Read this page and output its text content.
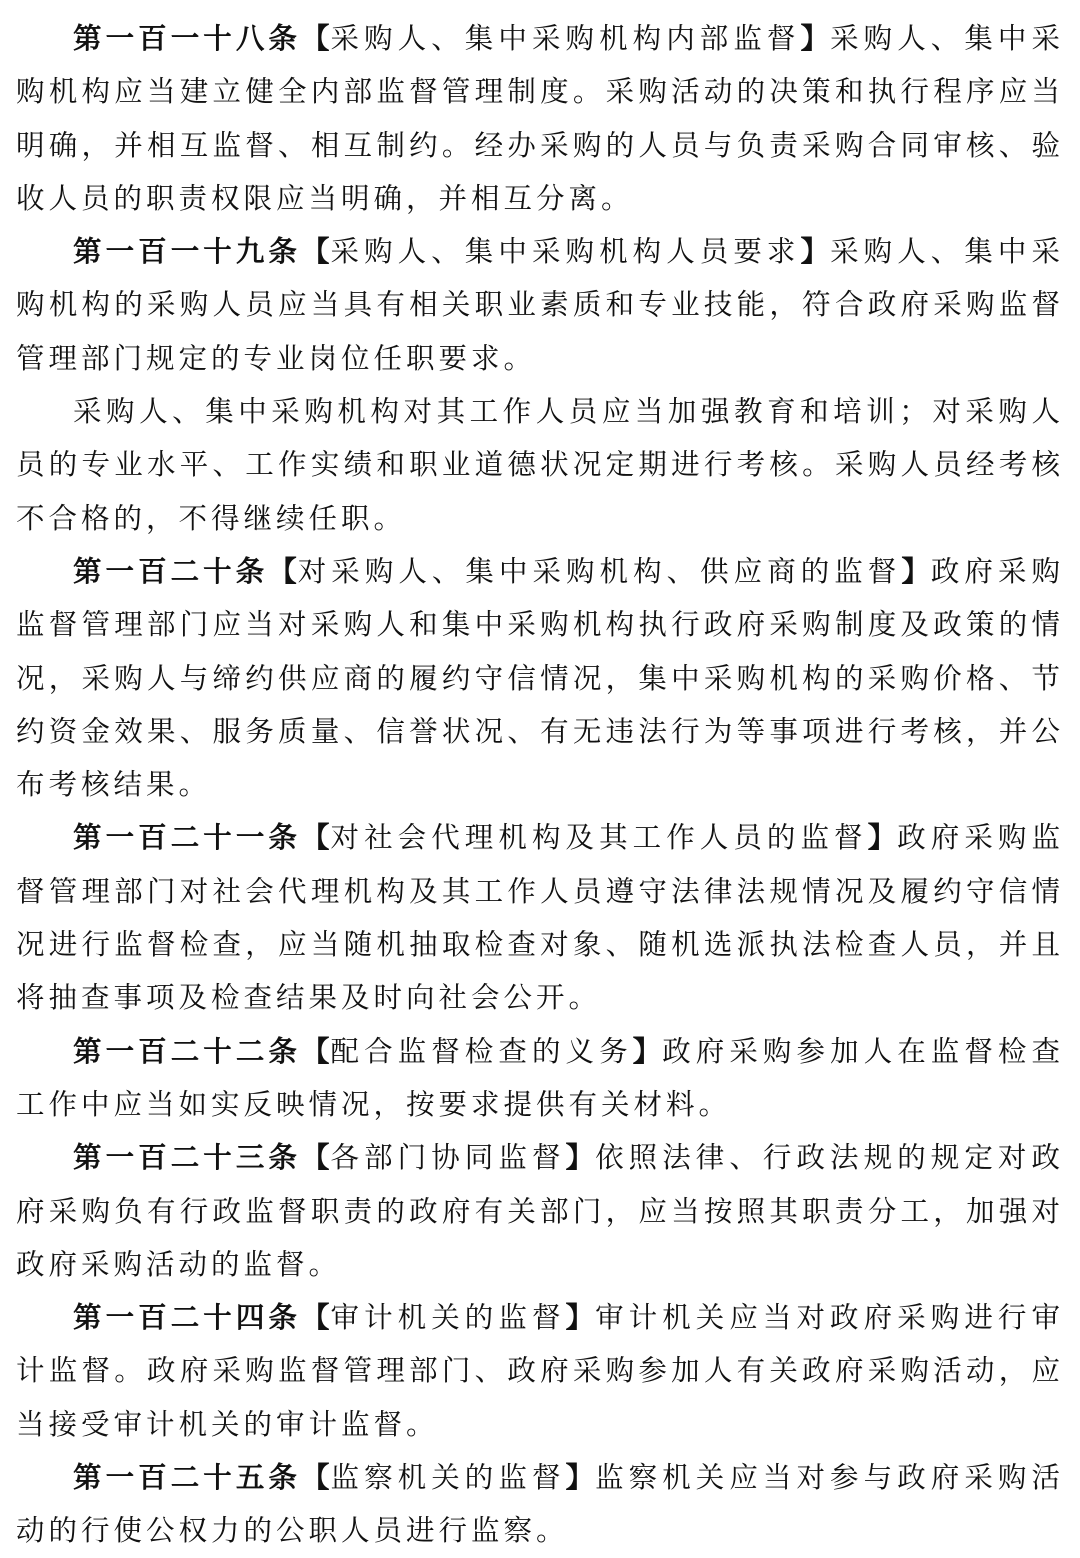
第一百一十八条【采购人、集中采购机构内部监督】采购人、集中采购机构应当建立健全内部监督管理制度。采购活动的决策和执行程序应当明确，并相互监督、相互制约。经办采购的人员与负责采购合同审核、验收人员的职责权限应当明确，并相互分离。

第一百一十九条【采购人、集中采购机构人员要求】采购人、集中采购机构的采购人员应当具有相关职业素质和专业技能，符合政府采购监督管理部门规定的专业岗位任职要求。

采购人、集中采购机构对其工作人员应当加强教育和培训；对采购人员的专业水平、工作实绩和职业道德状况定期进行考核。采购人员经考核不合格的，不得继续任职。

第一百二十条【对采购人、集中采购机构、供应商的监督】政府采购监督管理部门应当对采购人和集中采购机构执行政府采购制度及政策的情况，采购人与缔约供应商的履约守信情况，集中采购机构的采购价格、节约资金效果、服务质量、信誉状况、有无违法行为等事项进行考核，并公布考核结果。

第一百二十一条【对社会代理机构及其工作人员的监督】政府采购监督管理部门对社会代理机构及其工作人员遵守法律法规情况及履约守信情况进行监督检查，应当随机抽取检查对象、随机选派执法检查人员，并且将抽查事项及检查结果及时向社会公开。

第一百二十二条【配合监督检查的义务】政府采购参加人在监督检查工作中应当如实反映情况，按要求提供有关材料。

第一百二十三条【各部门协同监督】依照法律、行政法规的规定对政府采购负有行政监督职责的政府有关部门，应当按照其职责分工，加强对政府采购活动的监督。

第一百二十四条【审计机关的监督】审计机关应当对政府采购进行审计监督。政府采购监督管理部门、政府采购参加人有关政府采购活动，应当接受审计机关的审计监督。

第一百二十五条【监察机关的监督】监察机关应当对参与政府采购活动的行使公权力的公职人员进行监察。
